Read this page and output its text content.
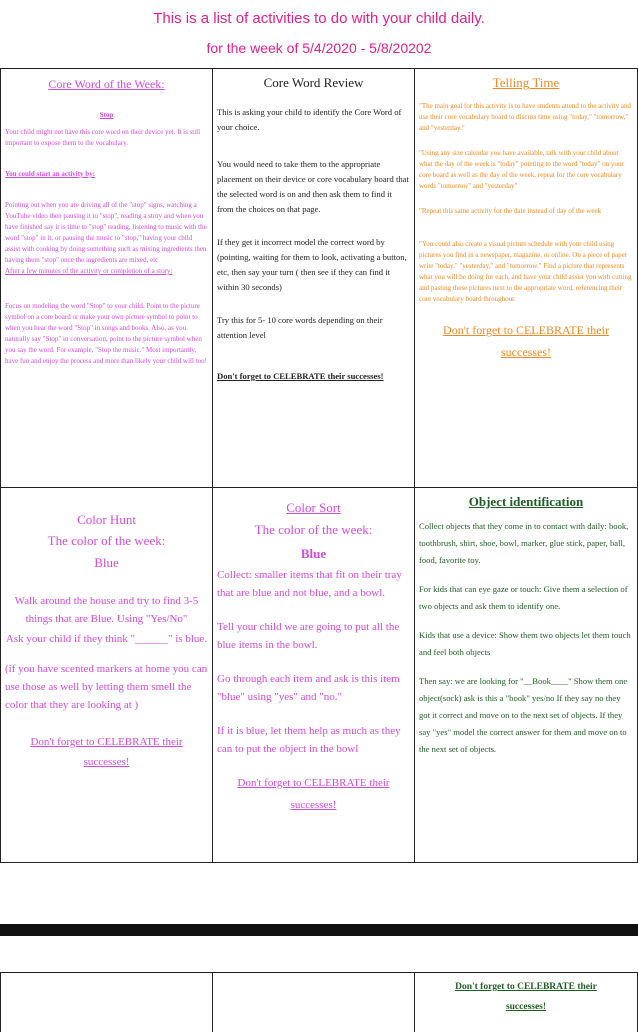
This is a list of activities to do with your child daily.
for the week of 5/4/2020 - 5/8/20202

Core Word of the Week:

Stop

Your child might not have this core word on their device yet. It is still important to expose them to the vocabulary.

You could start an activity by:

Pointing out when you are driving all of the "stop" signs, watching a YouTube video then pausing it to "stop", reading a story and when you have finished say it is time to "stop" reading, listening to music with the word "stop" in it, or pausing the music to "stop," having your child assist with cooking by doing something such as mixing ingredients then having them "stop" once the ingredients are mixed, etc

After a few minutes of the activity or completion of a story:

Focus on modeling the word "Stop" to your child. Point to the picture symbol on a core board or make your own picture symbol to point to when you hear the word "Stop" in songs and books. Also, as you naturally say "Stop" in conversation, point to the picture symbol when you say the word. For example, "Stop the music." Most importantly, have fun and enjoy the process and more than likely your child will too!

Core Word Review

This is asking your child to identify the Core Word of your choice.

You would need to take them to the appropriate placement on their device or core vocabulary board that the selected word is on and then ask them to find it from the choices on that page.

If they get it incorrect model the correct word by (pointing, waiting for them to look, activating a button, etc, then say your turn ( then see if they can find it within 30 seconds)

Try this for 5- 10 core words depending on their attention level

Don't forget to CELEBRATE their successes!

Telling Time

"The main goal for this activity is to have students attend to the activity and use their core vocabulary board to discuss time using "today," "tomorrow," and "yesterday."

"Using any size calendar you have available, talk with your child about what the day of the week is "today" pointing to the word "today" on your core board as well as the day of the week, repeat for the core vocabulary words "tomorrow" and "yesterday"

"Repeat this same activity for the date instead of day of the week

"You could also create a visual picture schedule with your child using pictures you find in a newspaper, magazine, or online. On a piece of paper write "today," "yesterday," and "tomorrow." Find a picture that represents what you will be doing for each, and have your child assist you with cutting and pasting these pictures next to the appropriate word, referencing their core vocabulary board throughout.

Don't forget to CELEBRATE their successes!

Color Hunt

The color of the week: Blue

Walk around the house and try to find 3-5 things that are Blue. Using "Yes/No"

Ask your child if they think "______" is blue.

(if you have scented markers at home you can use those as well by letting them smell the color that they are looking at )

Don't forget to CELEBRATE their successes!

Color Sort

The color of the week:

Blue

Collect: smaller items that fit on their tray that are blue and not blue, and a bowl.

Tell your child we are going to put all the blue items in the bowl.

Go through each item and ask is this item "blue" using "yes" and "no."

If it is blue, let them help as much as they can to put the object in the bowl

Don't forget to CELEBRATE their successes!

Object identification

Collect objects that they come in to contact with daily: book, toothbrush, shirt, shoe, bowl, marker, glue stick, paper, ball, food, favorite toy.

For kids that can eye gaze or touch: Give them a selection of two objects and ask them to identify one.

Kids that use a device: Show them two objects let them touch and feel both objects

Then say: we are looking for "__Book____" Show them one object(sock) ask is this a "book" yes/no If they say no they got it correct and move on to the next set of objects. If they say "yes" model the correct answer for them and move on to the next set of objects.

Don't forget to CELEBRATE their successes!
